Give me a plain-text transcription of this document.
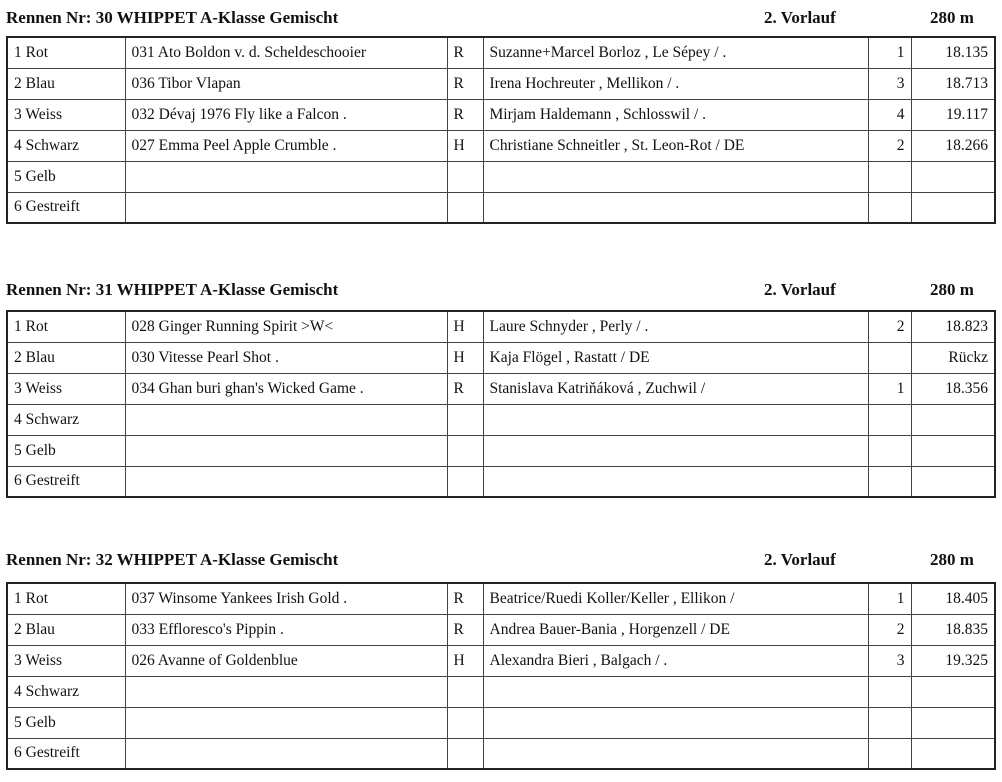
Rennen Nr: 30 WHIPPET A-Klasse Gemischt	2. Vorlauf	280 m
1 Rot	031 Ato Boldon v. d. Scheldeschooier	R	Suzanne+Marcel Borloz , Le Sépey / .	1	18.135
2 Blau	036 Tibor Vlapan	R	Irena Hochreuter , Mellikon / .	3	18.713
3 Weiss	032 Dévaj 1976 Fly like a Falcon .	R	Mirjam Haldemann , Schlosswil / .	4	19.117
4 Schwarz	027 Emma Peel Apple Crumble .	H	Christiane Schneitler , St. Leon-Rot / DE	2	18.266
5 Gelb					
6 Gestreift					
Rennen Nr: 31 WHIPPET A-Klasse Gemischt	2. Vorlauf	280 m
1 Rot	028 Ginger Running Spirit >W<	H	Laure Schnyder , Perly / .	2	18.823
2 Blau	030 Vitesse Pearl Shot .	H	Kaja Flögel , Rastatt / DE		Rückz
3 Weiss	034 Ghan buri ghan's Wicked Game .	R	Stanislava Katriňáková , Zuchwil /	1	18.356
4 Schwarz					
5 Gelb					
6 Gestreift					
Rennen Nr: 32 WHIPPET A-Klasse Gemischt	2. Vorlauf	280 m
1 Rot	037 Winsome Yankees Irish Gold .	R	Beatrice/Ruedi Koller/Keller , Ellikon /	1	18.405
2 Blau	033 Effloresco's Pippin .	R	Andrea Bauer-Bania , Horgenzell / DE	2	18.835
3 Weiss	026 Avanne of Goldenblue	H	Alexandra Bieri , Balgach / .	3	19.325
4 Schwarz					
5 Gelb					
6 Gestreift					
